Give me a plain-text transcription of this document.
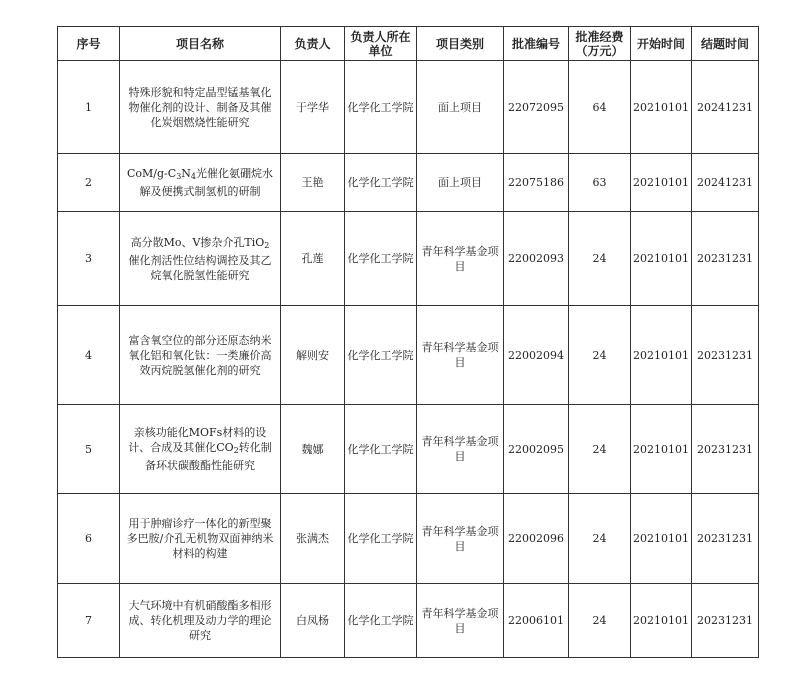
序号	项目名称	负责人	负责人所在单位	项目类别	批准编号	批准经费（万元）	开始时间	结题时间
1	特殊形貌和特定晶型锰基氧化物催化剂的设计、制备及其催化炭烟燃烧性能研究	于学华	化学化工学院	面上项目	22072095	64	20210101	20241231
2	CoM/$g-C_3N_4$光催化氨硼烷水解及便携式制氢机的研制	王艳	化学化工学院	面上项目	22075186	63	20210101	20241231
3	高分散Mo、V掺杂介孔TiO$_2$催化剂活性位结构调控及其乙烷氧化脱氢性能研究	孔莲	化学化工学院	青年科学基金项目	22002093	24	20210101	20231231
4	富含氧空位的部分还原态纳米氧化铝和氧化钛：一类廉价高效丙烷脱氢催化剂的研究	解则安	化学化工学院	青年科学基金项目	22002094	24	20210101	20231231
5	亲核功能化MOFs材料的设计、合成及其催化$CO_2$转化制备环状碳酸酯性能研究	魏娜	化学化工学院	青年科学基金项目	22002095	24	20210101	20231231
6	用于肿瘤诊疗一体化的新型聚多巴胺/介孔无机物双面神纳米材料的构建	张满杰	化学化工学院	青年科学基金项目	22002096	24	20210101	20231231
7	大气环境中有机硝酸酯多相形成、转化机理及动力学的理论研究	白凤杨	化学化工学院	青年科学基金项目	22006101	24	20210101	20231231
